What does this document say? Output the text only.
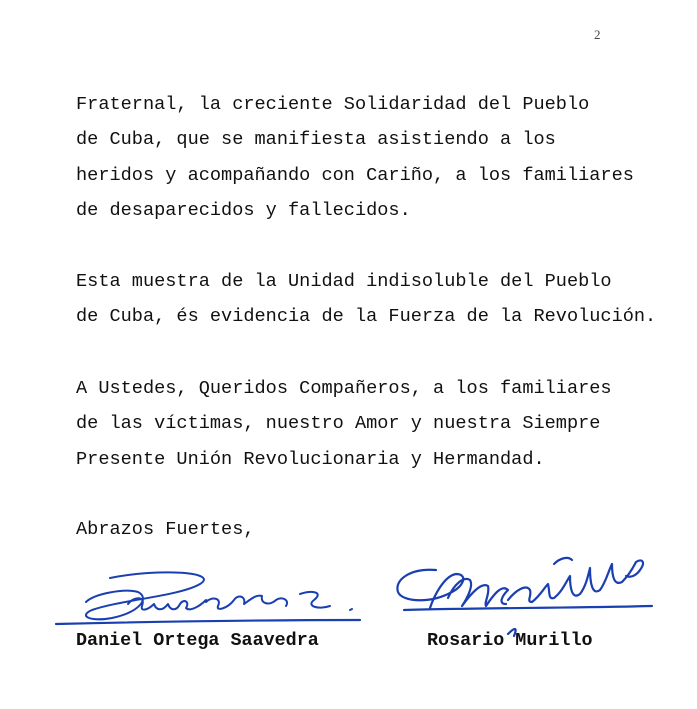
2
Fraternal, la creciente Solidaridad del Pueblo
de Cuba, que se manifiesta asistiendo a los
heridos y acompañando con Cariño, a los familiares
de desaparecidos y fallecidos.
Esta muestra de la Unidad indisoluble del Pueblo
de Cuba, és evidencia de la Fuerza de la Revolución.
A Ustedes, Queridos Compañeros, a los familiares
de las víctimas, nuestro Amor y nuestra Siempre
Presente Unión Revolucionaria y Hermandad.
Abrazos Fuertes,
Daniel Ortega Saavedra	Rosario Murillo
